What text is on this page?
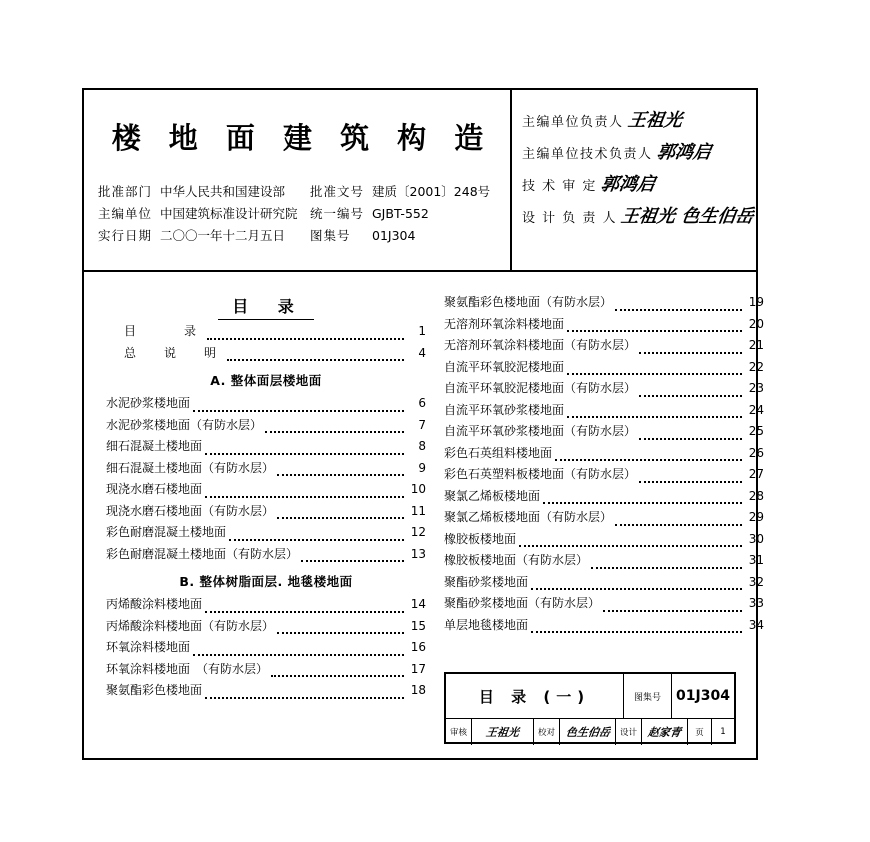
楼 地 面 建 筑 构 造
批准部门 中华人民共和国建设部	批准文号 建质〔2001〕248号
主编单位 中国建筑标准设计研究院 统一编号 GJBT-552
实行日期 二〇〇一年十二月五日	图集号	01J304
主编单位负责人 王祖光
主编单位技术负责人 郭鸿启
技 术 审 定 郭鸿启
设 计 负 责 人 王祖光 色生伯岳
目 录
目　　录	1
总　说　明	4
A. 整体面层楼地面
水泥砂浆楼地面	6
水泥砂浆楼地面（有防水层）	7
细石混凝土楼地面	8
细石混凝土楼地面（有防水层）	9
现浇水磨石楼地面	10
现浇水磨石楼地面（有防水层）	11
彩色耐磨混凝土楼地面	12
彩色耐磨混凝土楼地面（有防水层）	13
B. 整体树脂面层. 地毯楼地面
丙烯酸涂料楼地面	14
丙烯酸涂料楼地面（有防水层）	15
环氧涂料楼地面	16
环氧涂料楼地面　（有防水层）	17
聚氨酯彩色楼地面	18
聚氨酯彩色楼地面（有防水层）	19
无溶剂环氧涂料楼地面	20
无溶剂环氧涂料楼地面（有防水层）	21
自流平环氧胶泥楼地面	22
自流平环氧胶泥楼地面（有防水层）	23
自流平环氧砂浆楼地面	24
自流平环氧砂浆楼地面（有防水层）	25
彩色石英组料楼地面	26
彩色石英塑料板楼地面（有防水层）	27
聚氯乙烯板楼地面	28
聚氯乙烯板楼地面（有防水层）	29
橡胶板楼地面	30
橡胶板楼地面（有防水层）	31
聚酯砂浆楼地面	32
聚酯砂浆楼地面（有防水层）	33
单层地毯楼地面	34
目 录 (一)	图集号	01J304
审核	王祖光	校对 色生伯岳	设计 赵家青	页	1
